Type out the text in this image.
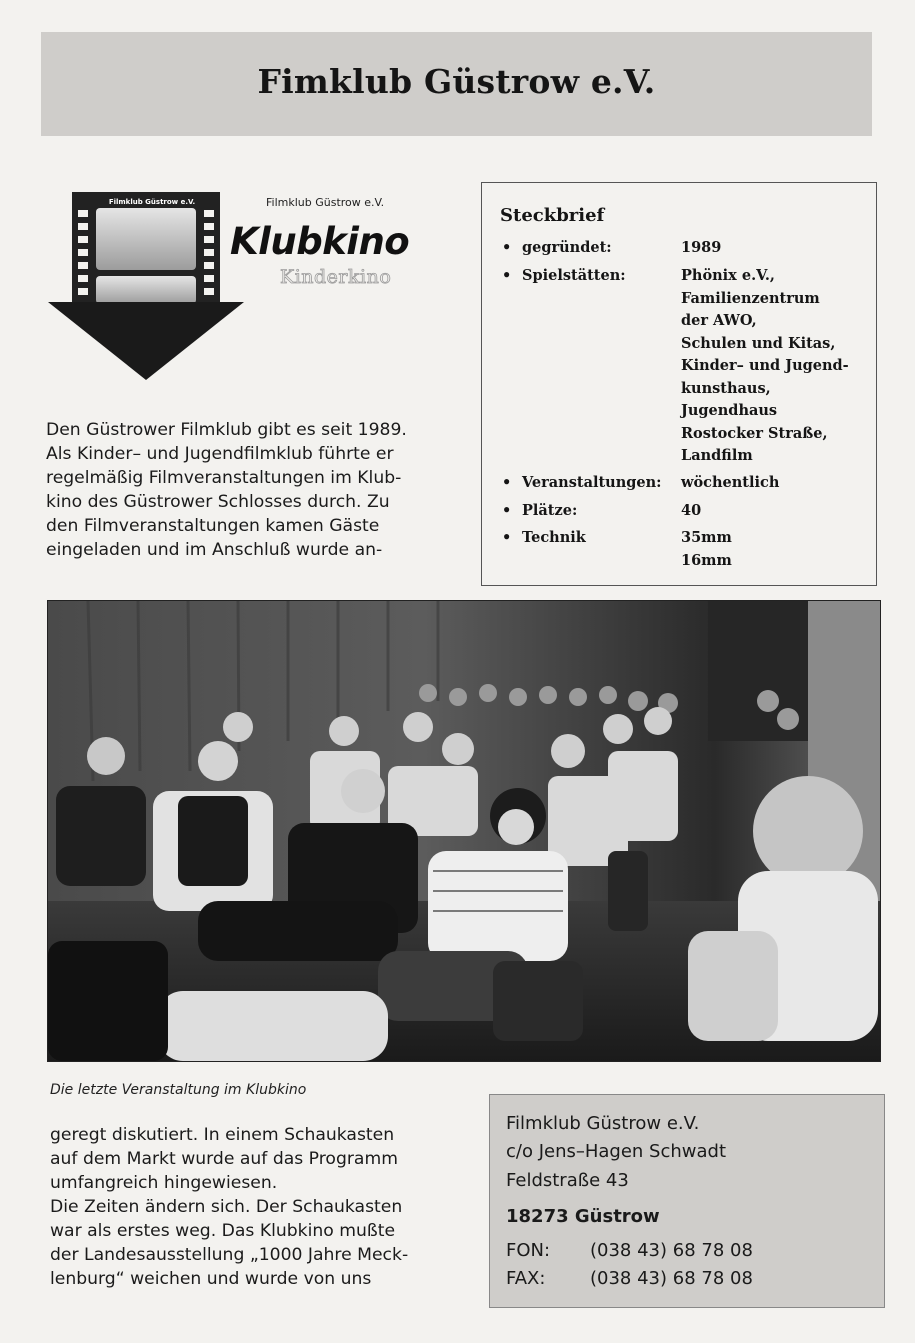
Fimklub Güstrow e.V.
Filmklub Güstrow e.V.	Filmklub Güstrow e.V.
Klubkino
Kinderkino
Den Güstrower Filmklub gibt es seit 1989.
Als Kinder– und Jugendfilmklub führte er
regelmäßig Filmveranstaltungen im Klub-
kino des Güstrower Schlosses durch. Zu
den Filmveranstaltungen kamen Gäste
eingeladen und im Anschluß wurde an-
Steckbrief
• gegründet:	1989
• Spielstätten:	Phönix e.V.,
Familienzentrum
der AWO,
Schulen und Kitas,
Kinder– und Jugend-
kunsthaus,
Jugendhaus
Rostocker Straße,
Landfilm
• Veranstaltungen: wöchentlich
• Plätze:	40
• Technik	35mm
16mm
Die letzte Veranstaltung im Klubkino
geregt diskutiert. In einem Schaukasten
auf dem Markt wurde auf das Programm
umfangreich hingewiesen.
Die Zeiten ändern sich. Der Schaukasten
war als erstes weg. Das Klubkino mußte
der Landesausstellung „1000 Jahre Meck-
lenburg“ weichen und wurde von uns
Filmklub Güstrow e.V.
c/o Jens–Hagen Schwadt
Feldstraße 43
18273 Güstrow
FON: (038 43) 68 78 08
FAX: (038 43) 68 78 08
